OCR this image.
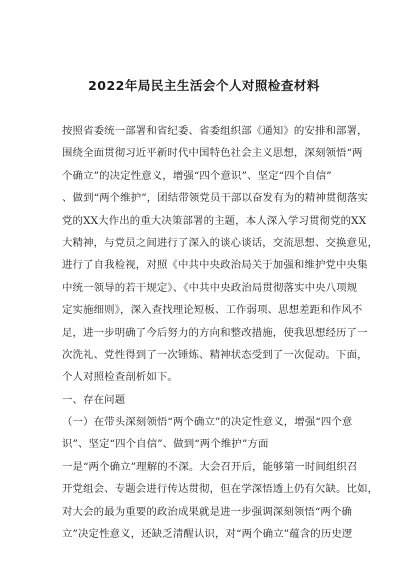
2022年局民主生活会个人对照检查材料
按照省委统一部署和省纪委、省委组织部《通知》的安排和部署，
围绕全面贯彻习近平新时代中国特色社会主义思想，深刻领悟“两
个确立”的决定性意义，增强“四个意识”、坚定“四个自信”
、做到“两个维护”，团结带领党员干部以奋发有为的精神贯彻落实
党的XX大作出的重大决策部署的主题，本人深入学习贯彻党的XX
大精神，与党员之间进行了深入的谈心谈话，交流思想、交换意见，
进行了自我检视，对照《中共中央政治局关于加强和维护党中央集
中统一领导的若干规定》、《中共中央政治局贯彻落实中央八项规
定实施细则》，深入查找理论短板、工作弱项、思想差距和作风不
足，进一步明确了今后努力的方向和整改措施，使我思想经历了一
次洗礼、党性得到了一次锤炼、精神状态受到了一次促动。下面，
个人对照检查剖析如下。
一、存在问题
（一）在带头深刻领悟“两个确立”的决定性意义，增强“四个意
识”、坚定“四个自信”、做到“两个维护”方面
一是“两个确立”理解的不深。大会召开后，能够第一时间组织召
开党组会、专题会进行传达贯彻，但在学深悟透上仍有欠缺。比如，
对大会的最为重要的政治成果就是进一步强调深刻领悟“两个确
立”决定性意义，还缺乏清醒认识，对“两个确立”蕴含的历史逻
